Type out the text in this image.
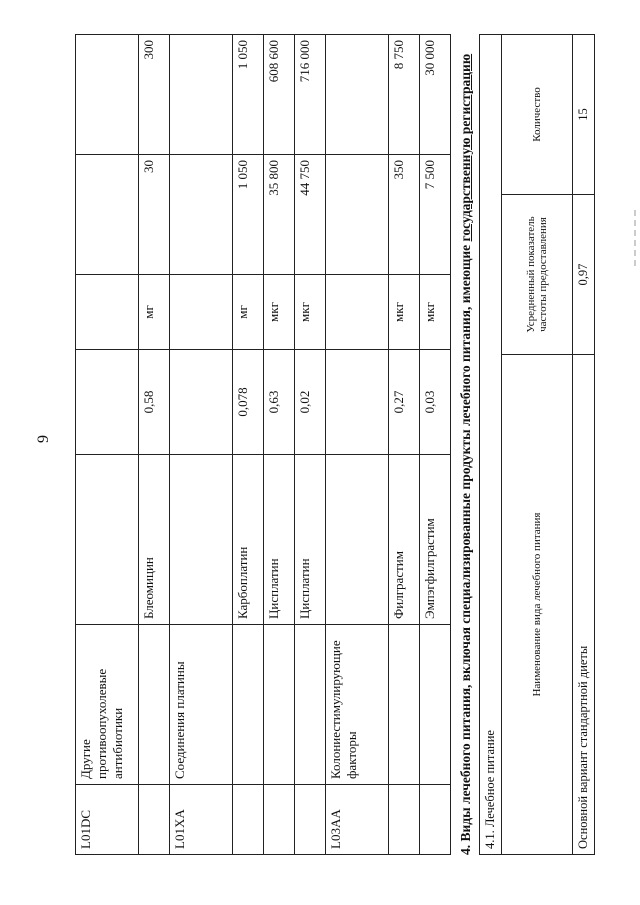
9
L01DC	Другие противоопухолевые антибиотики					
		Блеомицин	0,58	мг	30	300
L01XA	Соединения платины					
		Карбоплатин	0,078	мг	1 050	1 050
		Цисплатин	0,63	мкг	35 800	608 600
		Цисплатин	0,02	мкг	44 750	716 000
L03AA	Колониестимулирующие факторы					
		Филграстим	0,27	мкг	350	8 750
		Эмпэгфилграстим	0,03	мкг	7 500	30 000
4. Виды лечебного питания, включая специализированные продукты лечебного питания, имеющие государственную регистрацию
4.1. Лечебное питание		
Наименование вида лечебного питания	Усредненный показатель частоты предоставления	Количество
Основной вариант стандартной диеты	0,97	15
